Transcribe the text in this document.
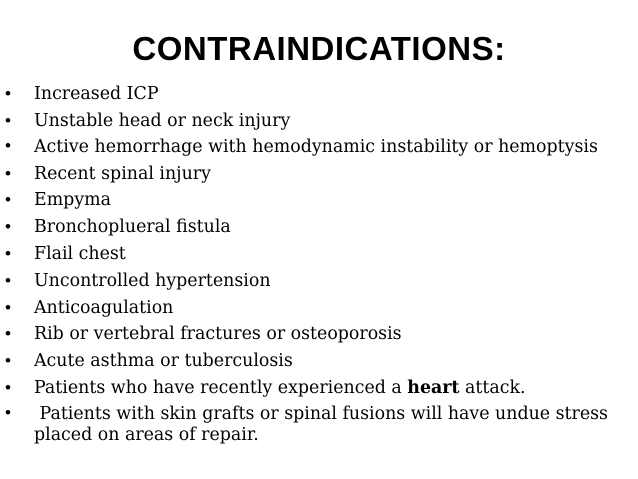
CONTRAINDICATIONS:
• Increased ICP
• Unstable head or neck injury
• Active hemorrhage with hemodynamic instability or hemoptysis
• Recent spinal injury
• Empyma
• Bronchoplueral fistula
• Flail chest
• Uncontrolled hypertension
• Anticoagulation
• Rib or vertebral fractures or osteoporosis
• Acute asthma or tuberculosis
• Patients who have recently experienced a heart attack.
• Patients with skin grafts or spinal fusions will have undue stress placed on areas of repair.
